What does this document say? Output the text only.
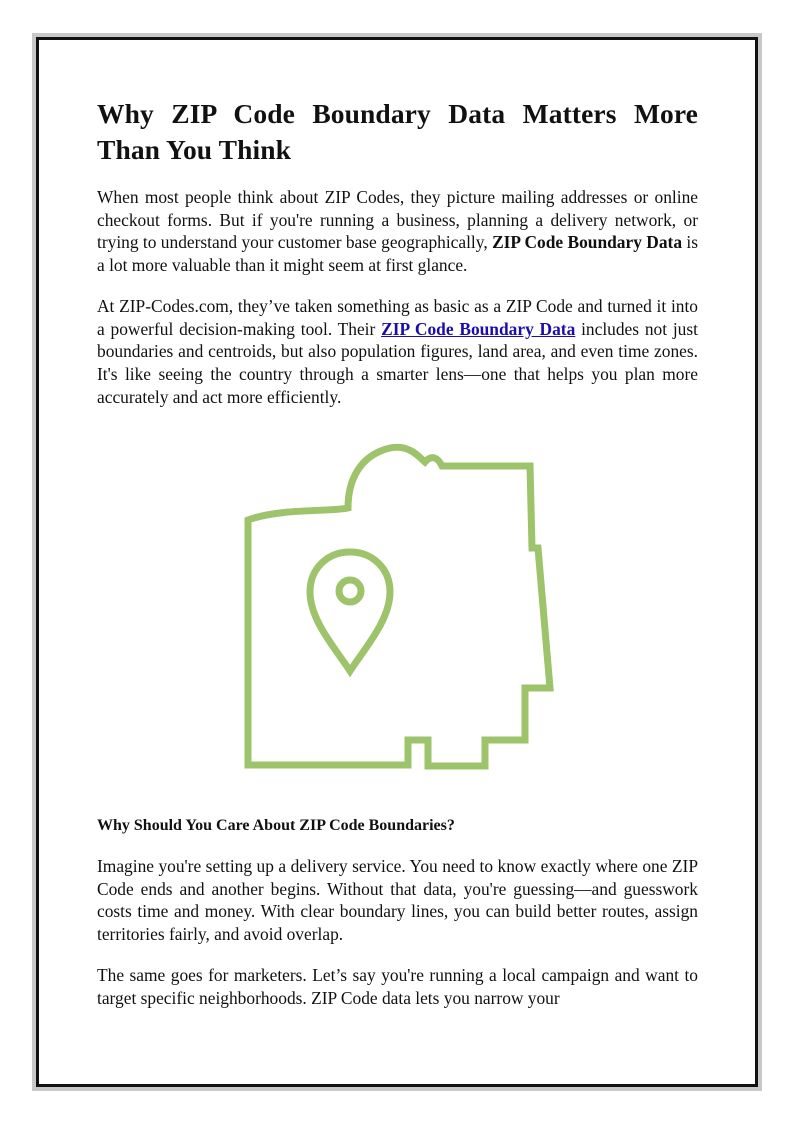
Why ZIP Code Boundary Data Matters More Than You Think

When most people think about ZIP Codes, they picture mailing addresses or online checkout forms. But if you're running a business, planning a delivery network, or trying to understand your customer base geographically, ZIP Code Boundary Data is a lot more valuable than it might seem at first glance.

At ZIP-Codes.com, they’ve taken something as basic as a ZIP Code and turned it into a powerful decision-making tool. Their ZIP Code Boundary Data includes not just boundaries and centroids, but also population figures, land area, and even time zones. It's like seeing the country through a smarter lens—one that helps you plan more accurately and act more efficiently.

Why Should You Care About ZIP Code Boundaries?

Imagine you're setting up a delivery service. You need to know exactly where one ZIP Code ends and another begins. Without that data, you're guessing—and guesswork costs time and money. With clear boundary lines, you can build better routes, assign territories fairly, and avoid overlap.

The same goes for marketers. Let’s say you're running a local campaign and want to target specific neighborhoods. ZIP Code data lets you narrow your
